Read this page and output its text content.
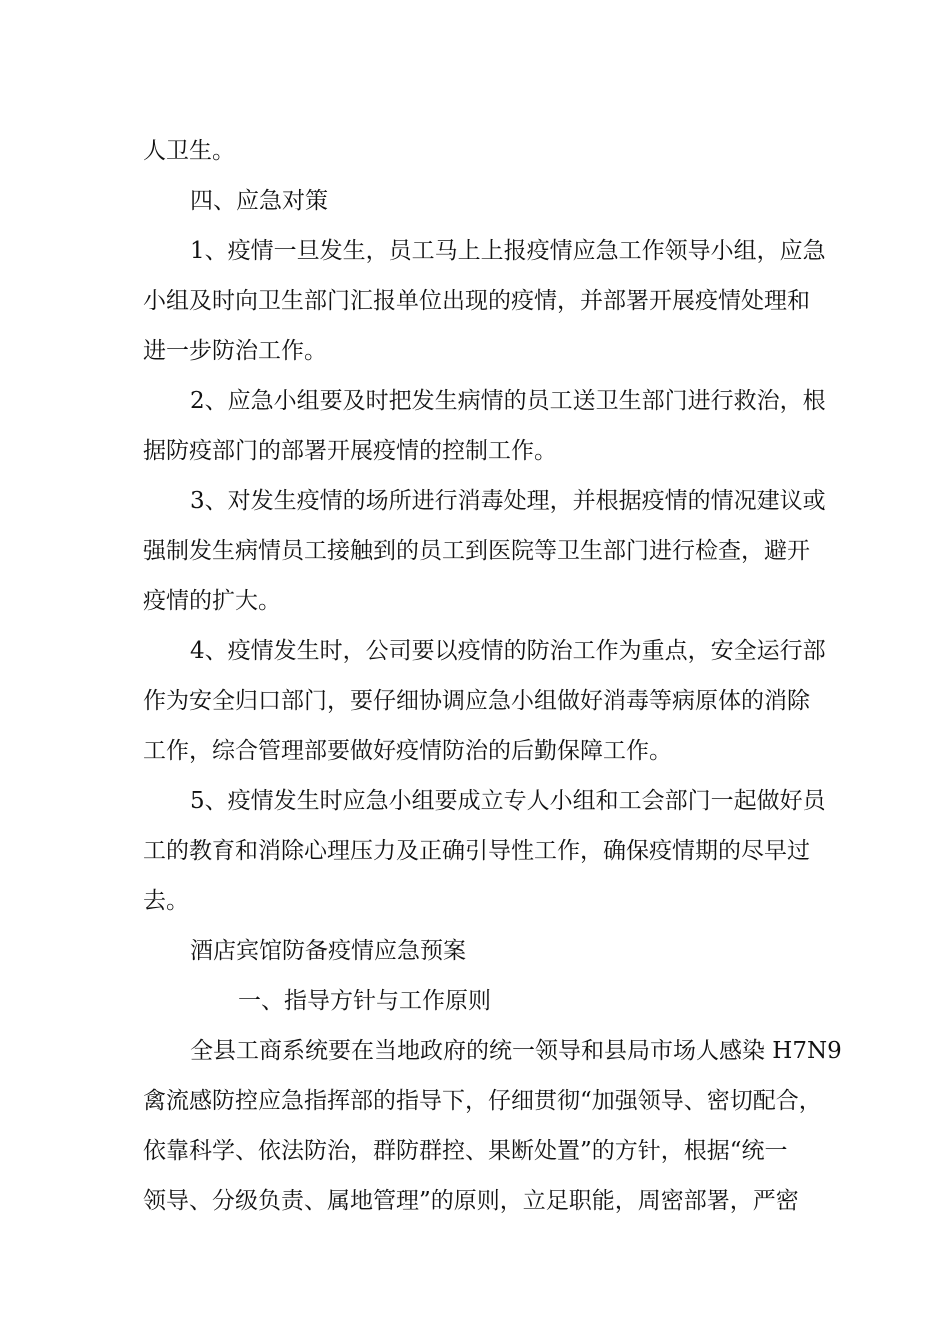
人卫生。
四、应急对策
1、疫情一旦发生，员工马上上报疫情应急工作领导小组，应急
小组及时向卫生部门汇报单位出现的疫情，并部署开展疫情处理和
进一步防治工作。
2、应急小组要及时把发生病情的员工送卫生部门进行救治，根
据防疫部门的部署开展疫情的控制工作。
3、对发生疫情的场所进行消毒处理，并根据疫情的情况建议或
强制发生病情员工接触到的员工到医院等卫生部门进行检查，避开
疫情的扩大。
4、疫情发生时，公司要以疫情的防治工作为重点，安全运行部
作为安全归口部门，要仔细协调应急小组做好消毒等病原体的消除
工作，综合管理部要做好疫情防治的后勤保障工作。
5、疫情发生时应急小组要成立专人小组和工会部门一起做好员
工的教育和消除心理压力及正确引导性工作，确保疫情期的尽早过
去。
酒店宾馆防备疫情应急预案
一、指导方针与工作原则
全县工商系统要在当地政府的统一领导和县局市场人感染 H7N9
禽流感防控应急指挥部的指导下，仔细贯彻“加强领导、密切配合，
依靠科学、依法防治，群防群控、果断处置”的方针，根据“统一
领导、分级负责、属地管理”的原则，立足职能，周密部署，严密
